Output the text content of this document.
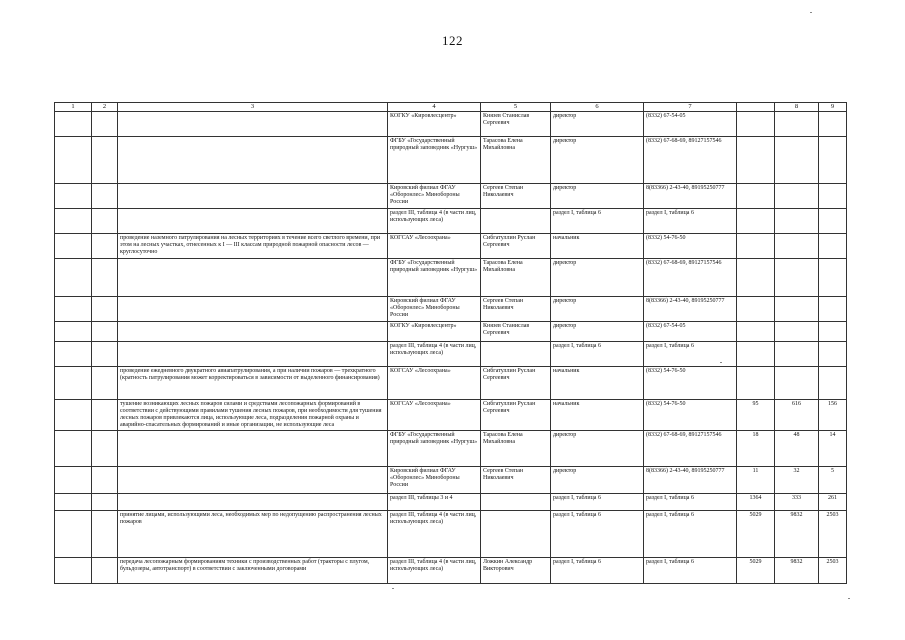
122
1	2	3	4	5	6	7		8	9
			КОГКУ «Кировлесцентр»	Князев Станислав Сергеевич	директор	(8332) 67-54-05			
			ФГБУ «Государственный природный заповедник «Нургуш»	Тарасова Елена Михайловна	директор	(8332) 67-68-69, 89127157546			
			Кировский филиал ФГАУ «Оборонлес» Минобороны России	Сергеев Степан Николаевич	директор	8(83366) 2-43-40, 89195250777			
			раздел III, таблица 4 (в части лиц, использующих леса)		раздел I, таблица 6	раздел I, таблица 6			
		проведение наземного патрулирования на лесных территориях в течение всего светлого времени, при этом на лесных участках, отнесенных к I — III классам природной пожарной опасности лесов — круглосуточно	КОГСАУ «Лесоохрана»	Сибгатуллин Руслан Сергеевич	начальник	(8332) 54-76-50			
			ФГБУ «Государственный природный заповедник «Нургуш»	Тарасова Елена Михайловна	директор	(8332) 67-68-69, 89127157546			
			Кировский филиал ФГАУ «Оборонлес» Минобороны России	Сергеев Степан Николаевич	директор	8(83366) 2-43-40, 89195250777			
			КОГКУ «Кировлесцентр»	Князев Станислав Сергеевич	директор	(8332) 67-54-05			
			раздел III, таблица 4 (в части лиц, использующих леса)		раздел I, таблица 6	раздел I, таблица 6			
		проведение ежедневного двукратного авиапатрулирования, а при наличии пожаров — трехкратного (кратность патрулирования может корректироваться в зависимости от выделенного финансирования)	КОГСАУ «Лесоохрана»	Сибгатуллин Руслан Сергеевич	начальник	(8332) 54-76-50			
		тушение возникающих лесных пожаров силами и средствами лесопожарных формирований в соответствии с действующими правилами тушения лесных пожаров, при необходимости для тушения лесных пожаров привлекаются лица, использующие леса, подразделения пожарной охраны и аварийно-спасательных формирований и иные организации, не использующие леса	КОГСАУ «Лесоохрана»	Сибгатуллин Руслан Сергеевич	начальник	(8332) 54-76-50	95	616	156
			ФГБУ «Государственный природный заповедник «Нургуш»	Тарасова Елена Михайловна	директор	(8332) 67-68-69, 89127157546	18	48	14
			Кировский филиал ФГАУ «Оборонлес» Минобороны России	Сергеев Степан Николаевич	директор	8(83366) 2-43-40, 89195250777	11	32	5
			раздел III, таблицы 3 и 4		раздел I, таблица 6	раздел I, таблица 6	1364	333	261
		принятие лицами, использующими леса, необходимых мер по недопущению распространения лесных пожаров	раздел III, таблица 4 (в части лиц, использующих леса)		раздел I, таблица 6	раздел I, таблица 6	5029	9832	2503
		передача лесопожарным формированиям техники с производственных работ (тракторы с плугом, бульдозеры, автотранспорт) в соответствии с заключенными договорами	раздел III, таблица 4 (в части лиц, использующих леса)	Ложкин Александр Викторович	раздел I, таблица 6	раздел I, таблица 6	5029	9832	2503
